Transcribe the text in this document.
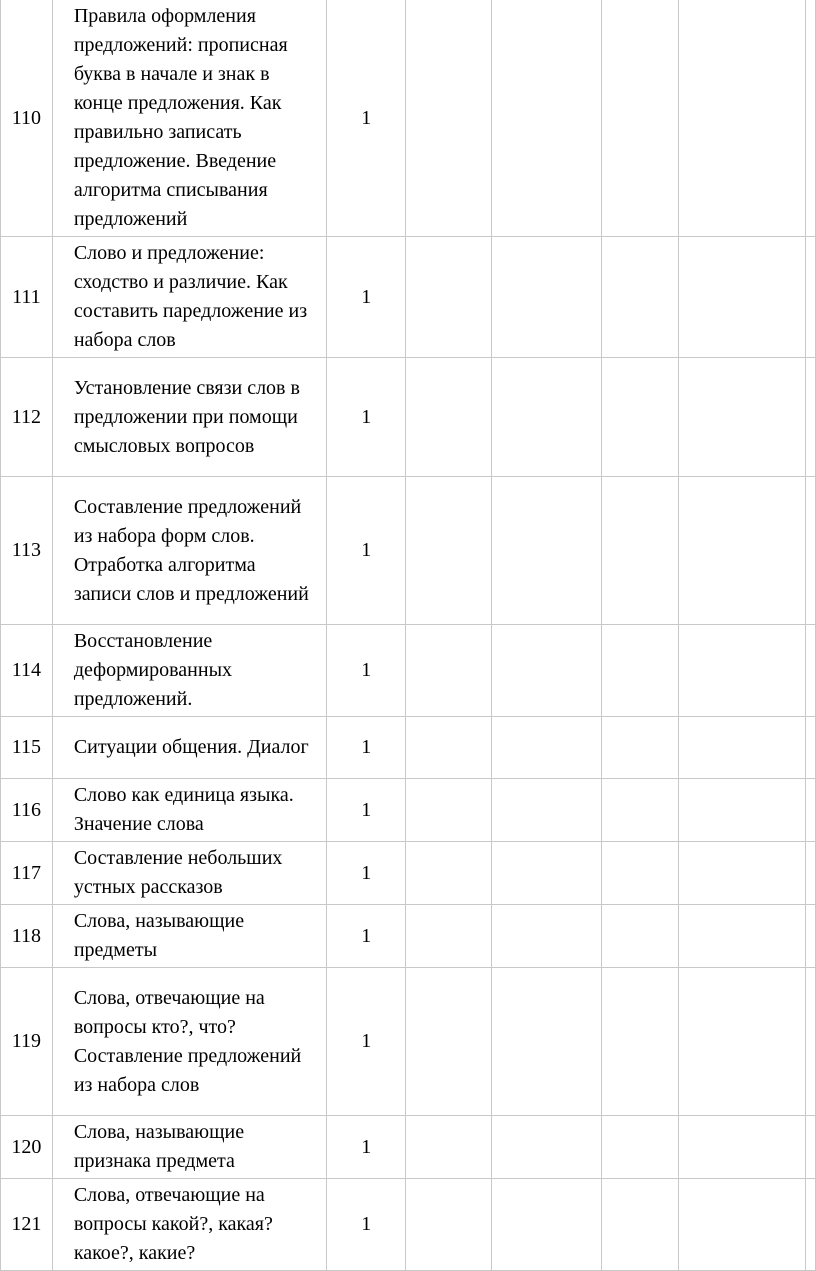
110	Правила оформления предложений: прописная буква в начале и знак в конце предложения. Как правильно записать предложение. Введение алгоритма списывания предложений	1					
111	Слово и предложение: сходство и различие. Как составить паредложение из набора слов	1					
112	Установление связи слов в предложении при помощи смысловых вопросов	1					
113	Составление предложений из набора форм слов. Отработка алгоритма записи слов и предложений	1					
114	Восстановление деформированных предложений.	1					
115	Ситуации общения. Диалог	1					
116	Слово как единица языка. Значение слова	1					
117	Составление небольших устных рассказов	1					
118	Слова, называющие предметы	1					
119	Слова, отвечающие на вопросы кто?, что? Составление предложений из набора слов	1					
120	Слова, называющие признака предмета	1					
121	Слова, отвечающие на вопросы какой?, какая? какое?, какие?	1					
